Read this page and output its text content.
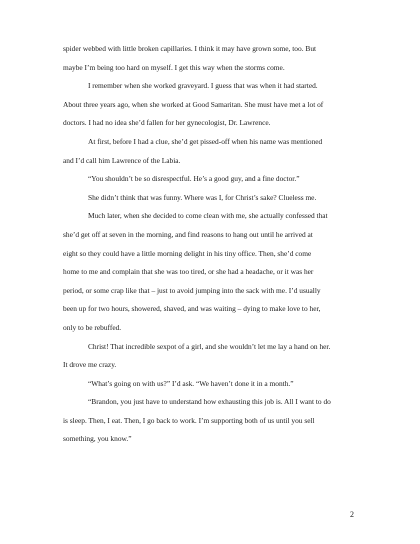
spider webbed with little broken capillaries. I think it may have grown some, too. But

maybe I’m being too hard on myself. I get this way when the storms come.

I remember when she worked graveyard. I guess that was when it had started.

About three years ago, when she worked at Good Samaritan. She must have met a lot of

doctors. I had no idea she’d fallen for her gynecologist, Dr. Lawrence.

At first, before I had a clue, she’d get pissed-off when his name was mentioned

and I’d call him Lawrence of the Labia.

“You shouldn’t be so disrespectful. He’s a good guy, and a fine doctor.”

She didn’t think that was funny. Where was I, for Christ’s sake? Clueless me.

Much later, when she decided to come clean with me, she actually confessed that

she’d get off at seven in the morning, and find reasons to hang out until he arrived at

eight so they could have a little morning delight in his tiny office. Then, she’d come

home to me and complain that she was too tired, or she had a headache, or it was her

period, or some crap like that – just to avoid jumping into the sack with me. I’d usually

been up for two hours, showered, shaved, and was waiting – dying to make love to her,

only to be rebuffed.

Christ! That incredible sexpot of a girl, and she wouldn’t let me lay a hand on her.

It drove me crazy.

“What’s going on with us?” I’d ask. “We haven’t done it in a month.”

“Brandon, you just have to understand how exhausting this job is. All I want to do

is sleep. Then, I eat. Then, I go back to work. I’m supporting both of us until you sell

something, you know.”

2
